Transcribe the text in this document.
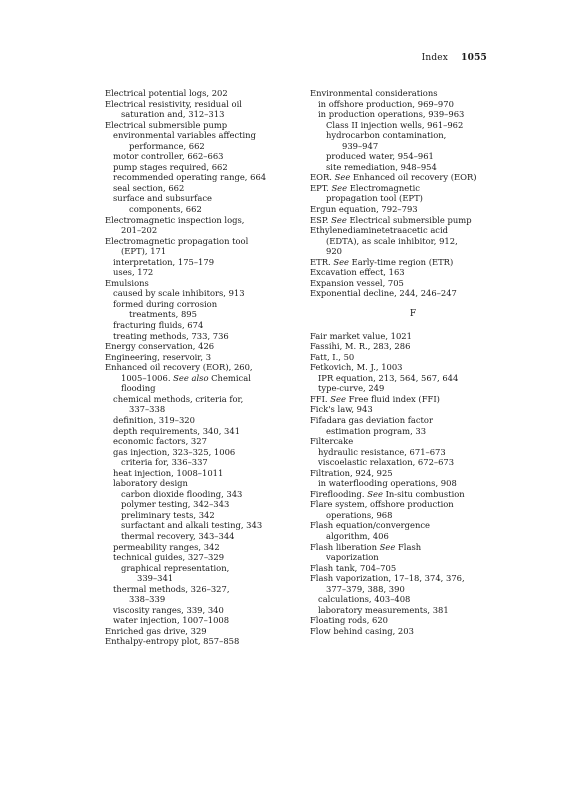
Index 1055
Electrical potential logs, 202
Electrical resistivity, residual oil
saturation and, 312–313
Electrical submersible pump
environmental variables affecting
performance, 662
motor controller, 662–663
pump stages required, 662
recommended operating range, 664
seal section, 662
surface and subsurface
components, 662
Electromagnetic inspection logs,
201–202
Electromagnetic propagation tool
(EPT), 171
interpretation, 175–179
uses, 172
Emulsions
caused by scale inhibitors, 913
formed during corrosion
treatments, 895
fracturing fluids, 674
treating methods, 733, 736
Energy conservation, 426
Engineering, reservoir, 3
Enhanced oil recovery (EOR), 260,
1005–1006. See also Chemical
flooding
chemical methods, criteria for,
337–338
definition, 319–320
depth requirements, 340, 341
economic factors, 327
gas injection, 323–325, 1006
criteria for, 336–337
heat injection, 1008–1011
laboratory design
carbon dioxide flooding, 343
polymer testing, 342–343
preliminary tests, 342
surfactant and alkali testing, 343
thermal recovery, 343–344
permeability ranges, 342
technical guides, 327–329
graphical representation,
339–341
thermal methods, 326–327,
338–339
viscosity ranges, 339, 340
water injection, 1007–1008
Enriched gas drive, 329
Enthalpy-entropy plot, 857–858
Environmental considerations
in offshore production, 969–970
in production operations, 939–963
Class II injection wells, 961–962
hydrocarbon contamination,
939–947
produced water, 954–961
site remediation, 948–954
EOR. See Enhanced oil recovery (EOR)
EPT. See Electromagnetic
propagation tool (EPT)
Ergun equation, 792–793
ESP. See Electrical submersible pump
Ethylenediaminetetraacetic acid
(EDTA), as scale inhibitor, 912,
920
ETR. See Early-time region (ETR)
Excavation effect, 163
Expansion vessel, 705
Exponential decline, 244, 246–247
F
Fair market value, 1021
Fassihi, M. R., 283, 286
Fatt, I., 50
Fetkovich, M. J., 1003
IPR equation, 213, 564, 567, 644
type-curve, 249
FFI. See Free fluid index (FFI)
Fick's law, 943
Fifadara gas deviation factor
estimation program, 33
Filtercake
hydraulic resistance, 671–673
viscoelastic relaxation, 672–673
Filtration, 924, 925
in waterflooding operations, 908
Fireflooding. See In-situ combustion
Flare system, offshore production
operations, 968
Flash equation/convergence
algorithm, 406
Flash liberation See Flash
vaporization
Flash tank, 704–705
Flash vaporization, 17–18, 374, 376,
377–379, 388, 390
calculations, 403–408
laboratory measurements, 381
Floating rods, 620
Flow behind casing, 203
